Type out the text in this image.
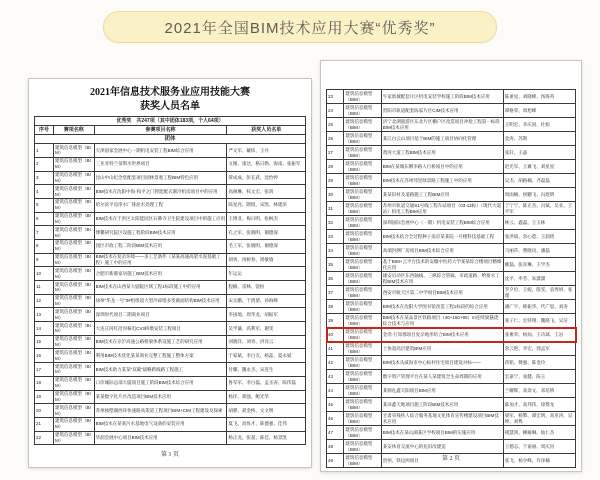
2021年全国BIM技术应用大赛“优秀奖”
2021年信息技术服务业应用技能大赛
获奖人员名单
优秀奖　共247项（其中团体183项，个人64项）			
序号	赛项名称	参赛项目名称	获奖人员名单
团体			
1	建筑信息模型（BIM）	天津国家会展中心一期机电安装工程BIM综合应用	严文军、戴炜、王丹
2	建筑信息模型（BIM）	三亚亚特兰蒂斯水世界项目	文刚、康达、格日勒、海南、张振军
3	建筑信息模型（BIM）	昆山中山纪念堂配套项目园林景观工程BIM特色应用	覃成成、彭长武、沈怡婷
4	建筑信息模型（BIM）	BIM技术在沈阳中海·和平之门智能配式制冷机房项目中的应用	高俊琳、权文宏、张鸿
5	建筑信息模型（BIM）	哈尔滨平房净水厂排泥水处理工程	陈星亮、隋煜、宋凯、林建滨
6	建筑信息模型（BIM）	BIM技术在于洪区太阳能园区石佛寺卫生院建设项目中的施工应用	王博亚、梅日明、张枫杰
7	建筑信息模型（BIM）	博鳌研究院区设施工程阶段BIM技术应用	孔之军、张晓明、谢德深
8	建筑信息模型（BIM）	园区市政工程二阶段BIM技术应用	毛工军、张晓明、谢德深
9	建筑信息模型（BIM）	BIM技术在复杂环境——多工艺条件（某某高速高架水泥基础工程）施工中的应用	胡勇、汤树春、周敏瑜
10	建筑信息模型（BIM）	合肥市新港家居施工BIM技术应用	年运运
11	建筑信息模型（BIM）	BIM技术在山西某大剧院区域工程1标段施工中的应用	程楠、雷林、饶恒
12	建筑信息模型（BIM）	徐州“华龙一号”3#机组超大型冷却塔多变截面结构BIM技术应用	宋太鹏、于倩倩、孙海峰
13	建筑信息模型（BIM）	深圳时代项目二期商业项目	李国地、周华龙、胡振军
14	建筑信息模型（BIM）	大连庄河红沿河核电CV3桥墩安装工程项目	吴学谦、高利军、谢雯
15	建筑信息模型（BIM）	BIM技术在京沪高速公路桥梁体系设施工艺的研究应用	刘晓洋、刘青、洪泽云
16	建筑信息模型（BIM）	利用BIM技术优化某某商业完整工程施工整体方案	于家斌、李白友、杨蕊、夏永斌
17	建筑信息模型（BIM）	BIM技术助力某某“双碳”战略跨线路工程施工	付璐、魏永杰、宋连生
18	建筑信息模型（BIM）	口岸城际总部大厦项目施工阶段BIM技术综合应用	鲁军军、李白磊、孟圣涛、陈伟磊
19	建筑信息模型（BIM）	某某数字化片区改造项目BIM技术应用	杨洋、郑强、鲍光华
20	建筑信息模型（BIM）	苏州独墅湖西环快速路高架道工程项目BIM+CIM工程建设及探索	胡骅、聂金桥、文文明
21	建筑信息模型（BIM）	BIM技术在某某污水基地电气设备的安装应用	夏飞、高烁才、陈德强、佳伟
22	建筑信息模型（BIM）	华润会展中心项目BIM技术应用	杨正龙、张超、陈佳、杨景凯
第 1 页
23	建筑信息模型（BIM）	牛家新城配套片区机电安装学校施工阶段BIM技术应用	陈重星、刘晓峰、汤海英
24	建筑信息模型（BIM）	贵阳市轨道配套陈家片区CIM技术应用	谭格荣、周旭峰
25	建筑信息模型（BIM）	济宁北湖旅游区东北片区棚户区改造项目冲抢工程第一标段BIM技术应用	王明宏、李庆国、杜娟
26	建筑信息模型（BIM）	某江白云山项目基于BIM的施工项目协同化管理	金涛、苏斯
27	建筑信息模型（BIM）	黄河大道工程BIM技术应用	张轩、王晶
28	建筑信息模型（BIM）	BIM在某城东侧李路人行桥项目中的应用	赵光军、王翼飞、刘星星
29	建筑信息模型（BIM）	BIM技术在苏州邻里绿景路工程施工中的应用	吴杰、胡路楠、齐磊磊
30	建筑信息模型（BIM）	某某旧村及道路施工工程BIM应用	周雨楠、侯鹏飞、冯煜明
31	建筑信息模型（BIM）	苏州市轨道交通S1号线工程车站项目（03-12标）（现代大道站）机电工程BIM应用	丁宁宁、陈正杰、冯斌、吴亚、王平军
32	建筑信息模型（BIM）	深圳国际会展中心（一期）机电安装工程BIM综合应用	林云、鑫磊、王玉林
33	建筑信息模型（BIM）	BIM技术结合全过程种子南京某某院一号楼科技基础工程	张洪斌、余心愿、王润琦
34	建筑信息模型（BIM）	高端封测厂房项目BIM技术综合应用	马丽莎、曹晓岚、潘磊
35	建筑信息模型（BIM）	基于BIM+云平台技术的安徽中医药大学某某综合楼项目精细化应用	姚磊、张育琳、王学杰
36	建筑信息模型（BIM）	雄安启动区东西轴线、三纵综合管廊、市政道路、给排水工程BIM技术应用	沈平、申芳、朱潇潇
37	建筑信息模型（BIM）	西安市航天区第二中学项目BIM技术应用	罗夕俭、王妮、殷雯、袁秀妍、张瑾
38	建筑信息模型（BIM）	BIM技术在沈阳大学图书馆改造工程1标段的综合应用	潘广宇、韩振华、代广思、刘涛
39	建筑信息模型（BIM）	BIM技术在某品景区铁路项目（40+160+90）m连续梁悬浇综合技术与应用	张子仁、宏特翔、魏晓飞、吴洁
40	建筑信息模型（BIM）	金湾·行知郡项目复杂地形结合BIM技术应用	张俊荣、杨灿、王功球、王岩
41	建筑信息模型（BIM）	土体超高层建筑BIM应用	余云艳、李宏、郭孟军
42	建筑信息模型（BIM）	BIM技术从威海市中心标杆住宅项目建设对标——	蒋铭、傅强、陈金玲
43	建筑信息模型（BIM）	数字资产管理平台在某人某建筑全生命周期的应用	宏嘉宁、张健、陈玉
44	建筑信息模型（BIM）	某源礼鑫天阳项目BIM应用	兰耀辉、高余文、邓培娇
45	建筑信息模型（BIM）	某泽鑫天地项目施工阶段BIM技术应用	陈加才、高邦伟、徐赞龙
46	建筑信息模型（BIM）	甘肃省残疾人综合服务基地文化体育宣传楼建设项目BIM技术应用	梁军、杨擎、谭宏明、高亚涛、吴坤、刘隽
47	建筑信息模型（BIM）	BIM技术在某山湖某区学校项目BIM的实施应用	褚慧鸿、柳雁琳、仙仁杰
48	建筑信息模型（BIM）	某安体育交流中心的危旧改建造	王德志、于嘉丽、周庆河
49	建筑信息模型（BIM）	贵州、铁边两项目	张飞、杨少峰、许泽楠
第 2 页
